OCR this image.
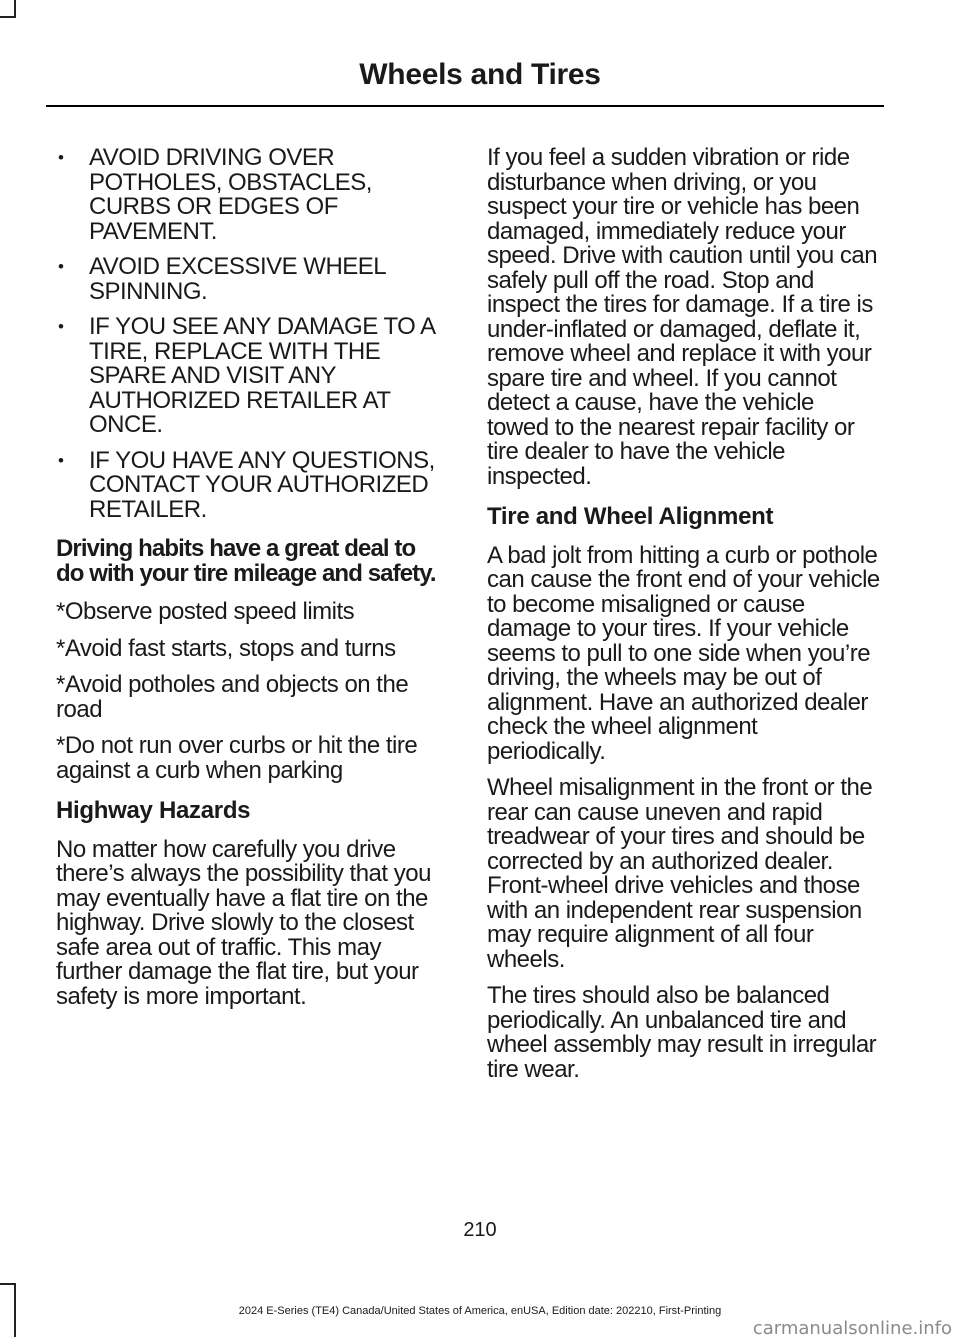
Wheels and Tires
• AVOID DRIVING OVER POTHOLES, OBSTACLES, CURBS OR EDGES OF PAVEMENT.
• AVOID EXCESSIVE WHEEL SPINNING.
• IF YOU SEE ANY DAMAGE TO A TIRE, REPLACE WITH THE SPARE AND VISIT ANY AUTHORIZED RETAILER AT ONCE.
• IF YOU HAVE ANY QUESTIONS, CONTACT YOUR AUTHORIZED RETAILER.

Driving habits have a great deal to do with your tire mileage and safety.

*Observe posted speed limits

*Avoid fast starts, stops and turns

*Avoid potholes and objects on the road

*Do not run over curbs or hit the tire against a curb when parking

Highway Hazards

No matter how carefully you drive there’s always the possibility that you may eventually have a flat tire on the highway. Drive slowly to the closest safe area out of traffic. This may further damage the flat tire, but your safety is more important.

If you feel a sudden vibration or ride disturbance when driving, or you suspect your tire or vehicle has been damaged, immediately reduce your speed. Drive with caution until you can safely pull off the road. Stop and inspect the tires for damage. If a tire is under-inflated or damaged, deflate it, remove wheel and replace it with your spare tire and wheel. If you cannot detect a cause, have the vehicle towed to the nearest repair facility or tire dealer to have the vehicle inspected.

Tire and Wheel Alignment

A bad jolt from hitting a curb or pothole can cause the front end of your vehicle to become misaligned or cause damage to your tires. If your vehicle seems to pull to one side when you’re driving, the wheels may be out of alignment. Have an authorized dealer check the wheel alignment periodically.

Wheel misalignment in the front or the rear can cause uneven and rapid treadwear of your tires and should be corrected by an authorized dealer. Front-wheel drive vehicles and those with an independent rear suspension may require alignment of all four wheels.

The tires should also be balanced periodically. An unbalanced tire and wheel assembly may result in irregular tire wear.

210
2024 E-Series (TE4) Canada/United States of America, enUSA, Edition date: 202210, First-Printing
carmanualsonline.info
